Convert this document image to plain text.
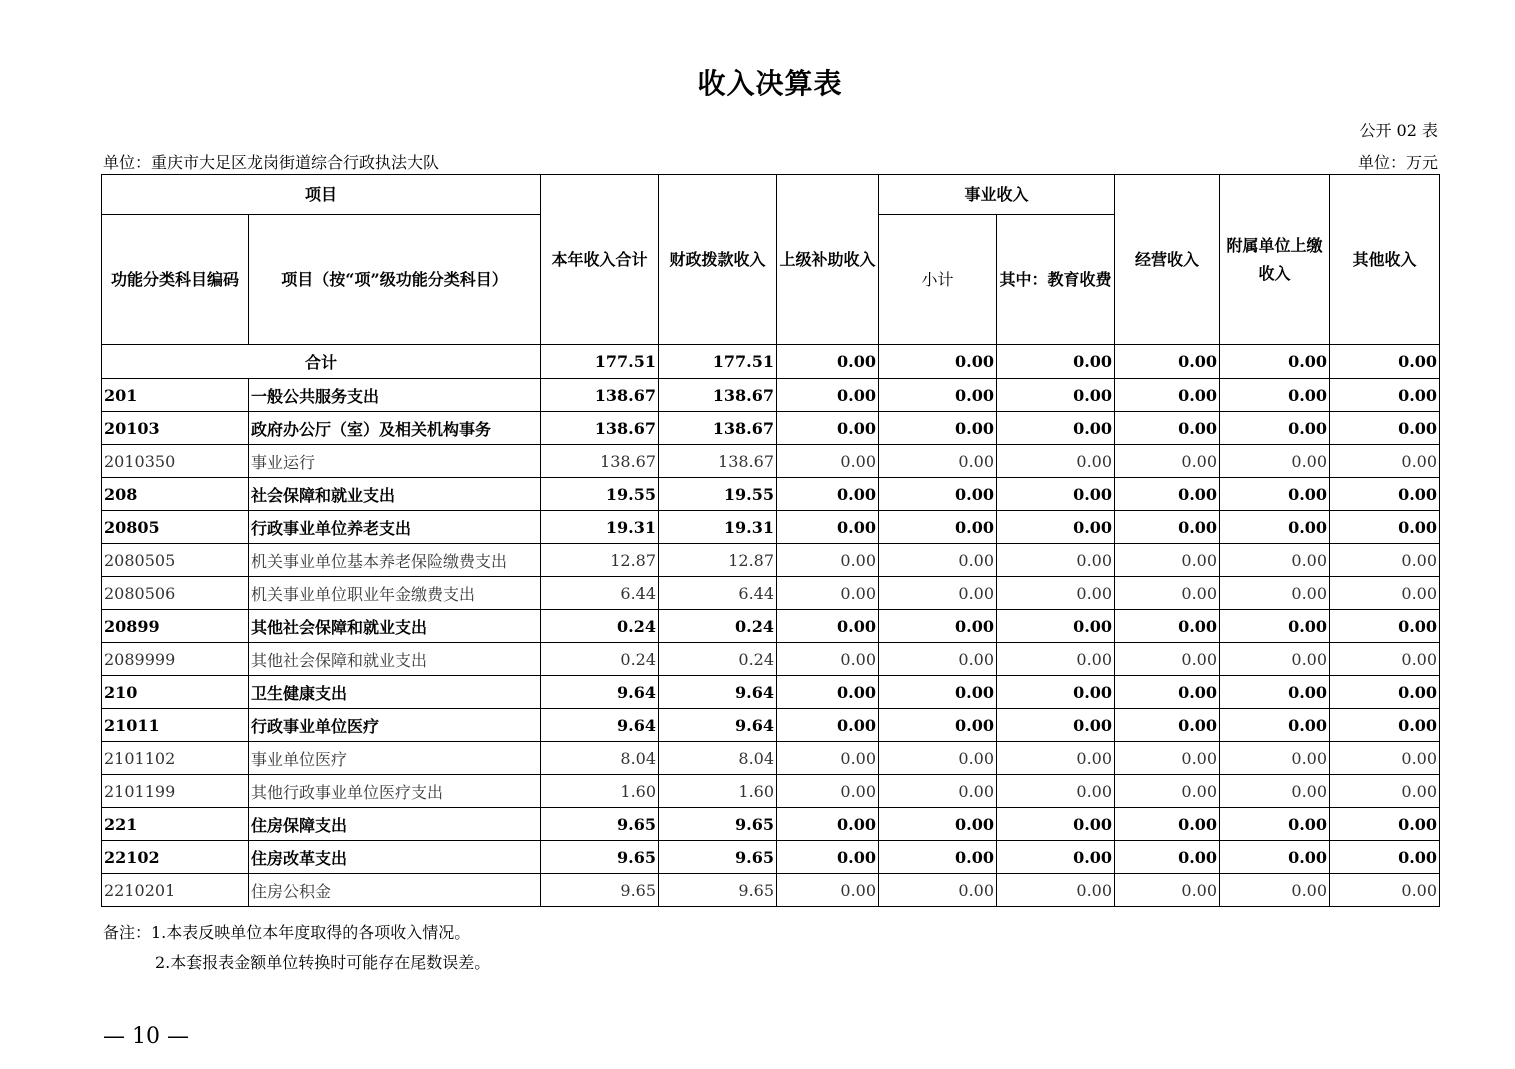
收入决算表
公开 02 表
单位：重庆市大足区龙岗街道综合行政执法大队	单位：万元
项目		本年收入合计	财政拨款收入	上级补助收入	事业收入		经营收入	附属单位上缴收入	其他收入
功能分类科目编码	项目（按“项”级功能分类科目）				小计	其中：教育收费			
合计		177.51	177.51	0.00	0.00	0.00	0.00	0.00	0.00
201	一般公共服务支出	138.67	138.67	0.00	0.00	0.00	0.00	0.00	0.00
20103	政府办公厅（室）及相关机构事务	138.67	138.67	0.00	0.00	0.00	0.00	0.00	0.00
2010350	事业运行	138.67	138.67	0.00	0.00	0.00	0.00	0.00	0.00
208	社会保障和就业支出	19.55	19.55	0.00	0.00	0.00	0.00	0.00	0.00
20805	行政事业单位养老支出	19.31	19.31	0.00	0.00	0.00	0.00	0.00	0.00
2080505	机关事业单位基本养老保险缴费支出	12.87	12.87	0.00	0.00	0.00	0.00	0.00	0.00
2080506	机关事业单位职业年金缴费支出	6.44	6.44	0.00	0.00	0.00	0.00	0.00	0.00
20899	其他社会保障和就业支出	0.24	0.24	0.00	0.00	0.00	0.00	0.00	0.00
2089999	其他社会保障和就业支出	0.24	0.24	0.00	0.00	0.00	0.00	0.00	0.00
210	卫生健康支出	9.64	9.64	0.00	0.00	0.00	0.00	0.00	0.00
21011	行政事业单位医疗	9.64	9.64	0.00	0.00	0.00	0.00	0.00	0.00
2101102	事业单位医疗	8.04	8.04	0.00	0.00	0.00	0.00	0.00	0.00
2101199	其他行政事业单位医疗支出	1.60	1.60	0.00	0.00	0.00	0.00	0.00	0.00
221	住房保障支出	9.65	9.65	0.00	0.00	0.00	0.00	0.00	0.00
22102	住房改革支出	9.65	9.65	0.00	0.00	0.00	0.00	0.00	0.00
2210201	住房公积金	9.65	9.65	0.00	0.00	0.00	0.00	0.00	0.00
备注：1.本表反映单位本年度取得的各项收入情况。
2.本套报表金额单位转换时可能存在尾数误差。
— 10 —
